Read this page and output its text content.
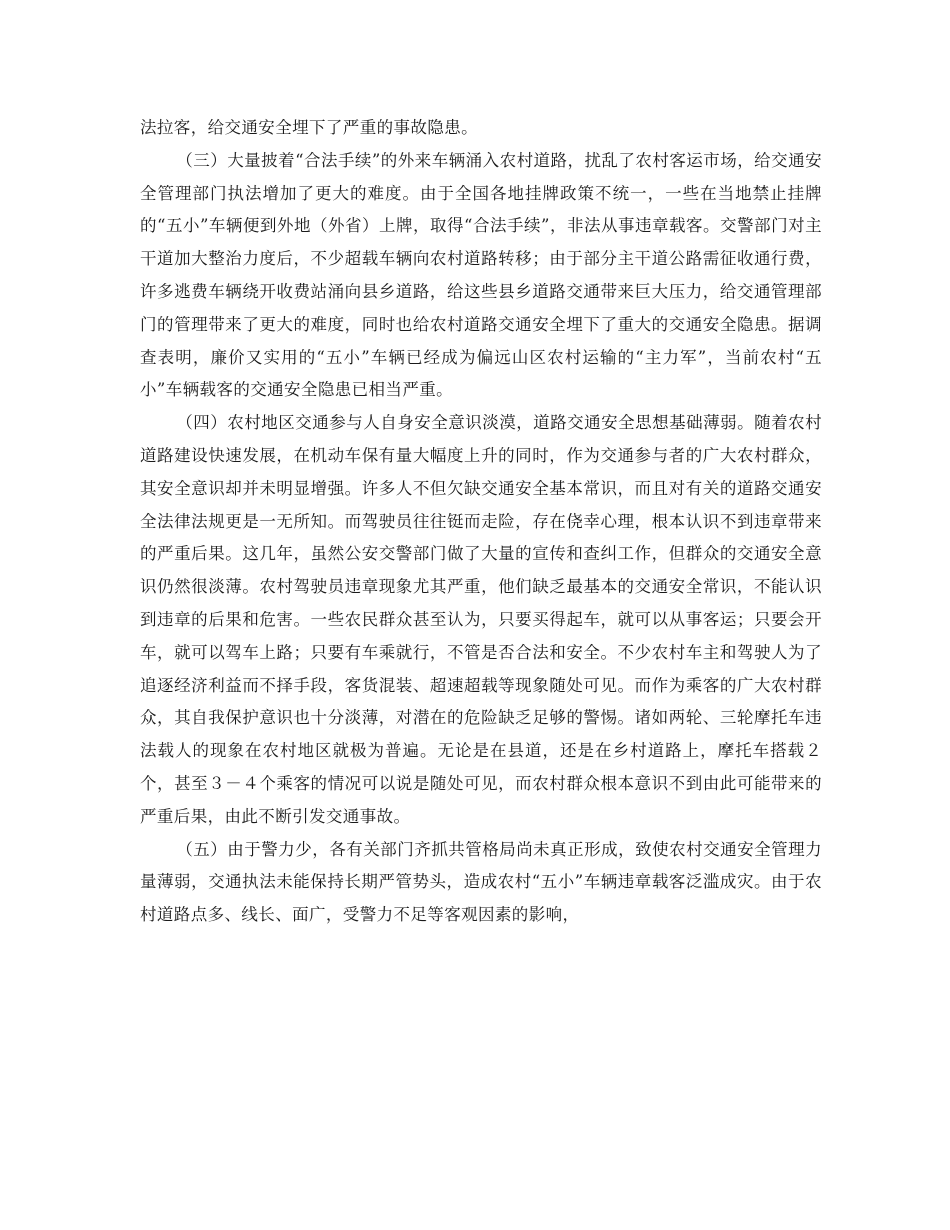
法拉客，给交通安全埋下了严重的事故隐患。

（三）大量披着“合法手续”的外来车辆涌入农村道路，扰乱了农村客运市场，给交通安全管理部门执法增加了更大的难度。由于全国各地挂牌政策不统一，一些在当地禁止挂牌的“五小”车辆便到外地（外省）上牌，取得“合法手续”，非法从事违章载客。交警部门对主干道加大整治力度后，不少超载车辆向农村道路转移；由于部分主干道公路需征收通行费，许多逃费车辆绕开收费站涌向县乡道路，给这些县乡道路交通带来巨大压力，给交通管理部门的管理带来了更大的难度，同时也给农村道路交通安全埋下了重大的交通安全隐患。据调查表明，廉价又实用的“五小”车辆已经成为偏远山区农村运输的“主力军”，当前农村“五小”车辆载客的交通安全隐患已相当严重。

（四）农村地区交通参与人自身安全意识淡漠，道路交通安全思想基础薄弱。随着农村道路建设快速发展，在机动车保有量大幅度上升的同时，作为交通参与者的广大农村群众，其安全意识却并未明显增强。许多人不但欠缺交通安全基本常识，而且对有关的道路交通安全法律法规更是一无所知。而驾驶员往往铤而走险，存在侥幸心理，根本认识不到违章带来的严重后果。这几年，虽然公安交警部门做了大量的宣传和查纠工作，但群众的交通安全意识仍然很淡薄。农村驾驶员违章现象尤其严重，他们缺乏最基本的交通安全常识，不能认识到违章的后果和危害。一些农民群众甚至认为，只要买得起车，就可以从事客运；只要会开车，就可以驾车上路；只要有车乘就行，不管是否合法和安全。不少农村车主和驾驶人为了追逐经济利益而不择手段，客货混装、超速超载等现象随处可见。而作为乘客的广大农村群众，其自我保护意识也十分淡薄，对潜在的危险缺乏足够的警惕。诸如两轮、三轮摩托车违法载人的现象在农村地区就极为普遍。无论是在县道，还是在乡村道路上，摩托车搭载２个，甚至３－４个乘客的情况可以说是随处可见，而农村群众根本意识不到由此可能带来的严重后果，由此不断引发交通事故。

（五）由于警力少，各有关部门齐抓共管格局尚未真正形成，致使农村交通安全管理力量薄弱，交通执法未能保持长期严管势头，造成农村“五小”车辆违章载客泛滥成灾。由于农村道路点多、线长、面广，受警力不足等客观因素的影响，
